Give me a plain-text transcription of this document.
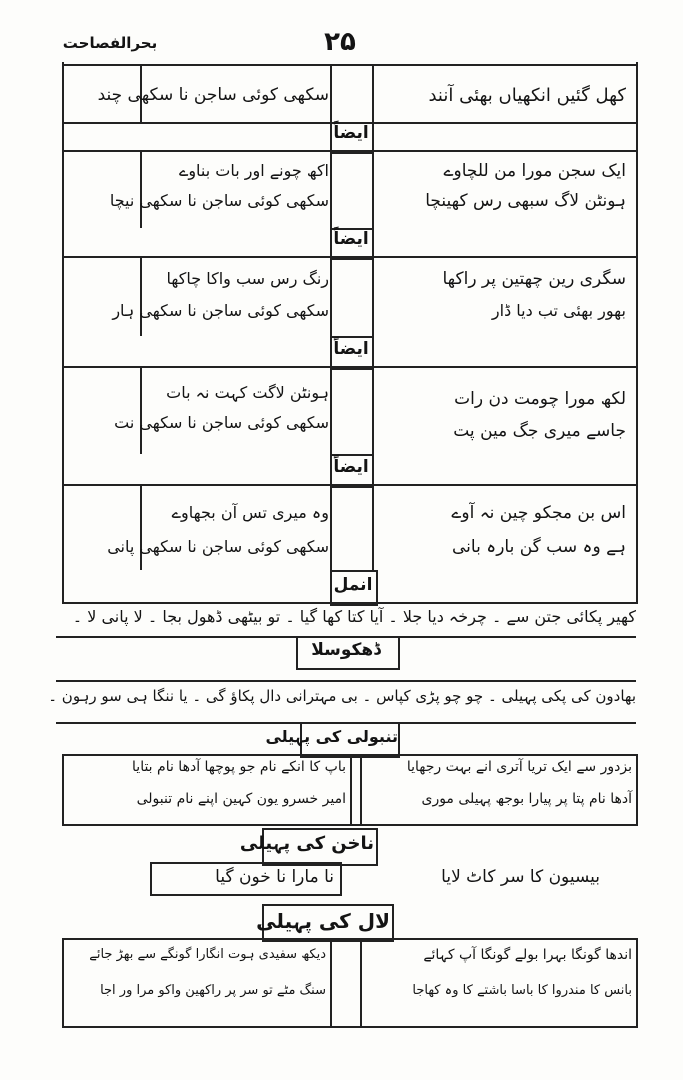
بحرالفصاحت	۲۵
کھل گئیں انکھیاں بھئی آنند
سکھی کوئی ساجن نا سکھی چند
ایضاً
ایک سجن مورا من للچاوے
ہونٹن لاگ سبھی رس کھینچا
اکھ چونے اور بات بناوے
سکھی کوئی ساجن نا سکھی نیچا
ایضاً
سگری رین چھتین پر راکھا
بھور بھئی تب دیا ڈار
رنگ رس سب واکا چاکھا
سکھی کوئی ساجن نا سکھی ہار
ایضاً
لکھ مورا چومت دن رات
جاسے میری جگ مین پت
ہونٹن لاگت کہت نہ بات
سکھی کوئی ساجن نا سکھی نت
ایضاً
اس بن مجکو چین نہ آوے
ہے وہ سب گن بارہ بانی
وہ میری تس آن بجھاوے
سکھی کوئی ساجن نا سکھی پانی
انمل
کھیر پکائی جتن سے ۔ چرخہ دیا جلا ۔ آیا کتا کھا گیا ۔ تو بیٹھی ڈھول بجا ۔ لا پانی لا ۔
ڈھکوسلا
بھادون کی پکی پہیلی ۔ چو چو پڑی کپاس ۔ بی مہترانی دال پکاؤ گی ۔ یا ننگا ہی سو رہون ۔
تنبولی کی پہیلی
بزدور سے ایک تریا آتری انے بہت رجھایا
آدھا نام پتا پر پیارا بوجھ پہیلی موری
باپ کا انکے نام جو پوچھا آدھا نام بتایا
امیر خسرو یون کہین اپنے نام تنبولی
ناخن کی پہیلی
بیسیون کا سر کاٹ لایا
نا مارا نا خون گیا
لال کی پہیلی
اندھا گونگا بہرا بولے گونگا آپ کہائے
بانس کا مندروا کا باسا باشتے کا وہ کھاجا
دیکھ سفیدی ہوت انگارا گونگے سے بھڑ جائے
سنگ مٹے تو سر پر راکھین واکو مرا ور اجا
